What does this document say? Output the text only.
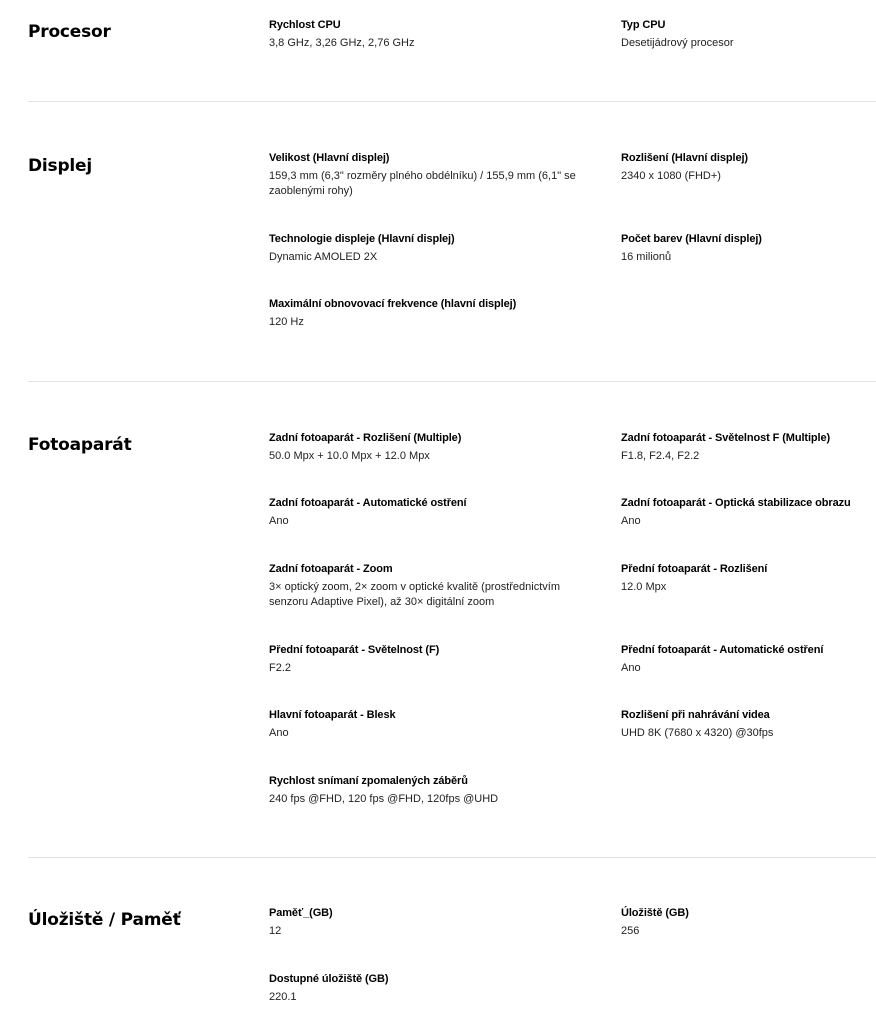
Procesor	Rychlost CPU
3,8 GHz, 3,26 GHz, 2,76 GHz
Typ CPU
Desetijádrový procesor
Displej	Velikost (Hlavní displej)
159,3 mm (6,3" rozměry plného obdélníku) / 155,9 mm (6,1" se zaoblenými rohy)
Rozlišení (Hlavní displej)
2340 x 1080 (FHD+)
Technologie displeje (Hlavní displej)
Dynamic AMOLED 2X
Počet barev (Hlavní displej)
16 milionů
Maximální obnovovací frekvence (hlavní displej)
120 Hz
Fotoaparát	Zadní fotoaparát - Rozlišení (Multiple)
50.0 Mpx + 10.0 Mpx + 12.0 Mpx
Zadní fotoaparát - Světelnost F (Multiple)
F1.8, F2.4, F2.2
Zadní fotoaparát - Automatické ostření
Ano
Zadní fotoaparát - Optická stabilizace obrazu
Ano
Zadní fotoaparát - Zoom
3× optický zoom, 2× zoom v optické kvalitě (prostřednictvím senzoru Adaptive Pixel), až 30× digitální zoom
Přední fotoaparát - Rozlišení
12.0 Mpx
Přední fotoaparát - Světelnost (F)
F2.2
Přední fotoaparát - Automatické ostření
Ano
Hlavní fotoaparát - Blesk
Ano
Rozlišení při nahrávání videa
UHD 8K (7680 x 4320) @30fps
Rychlost snímaní zpomalených záběrů
240 fps @FHD, 120 fps @FHD, 120fps @UHD
Úložiště / Paměť	Paměť_(GB)
12
Úložiště (GB)
256
Dostupné úložiště (GB)
220.1
